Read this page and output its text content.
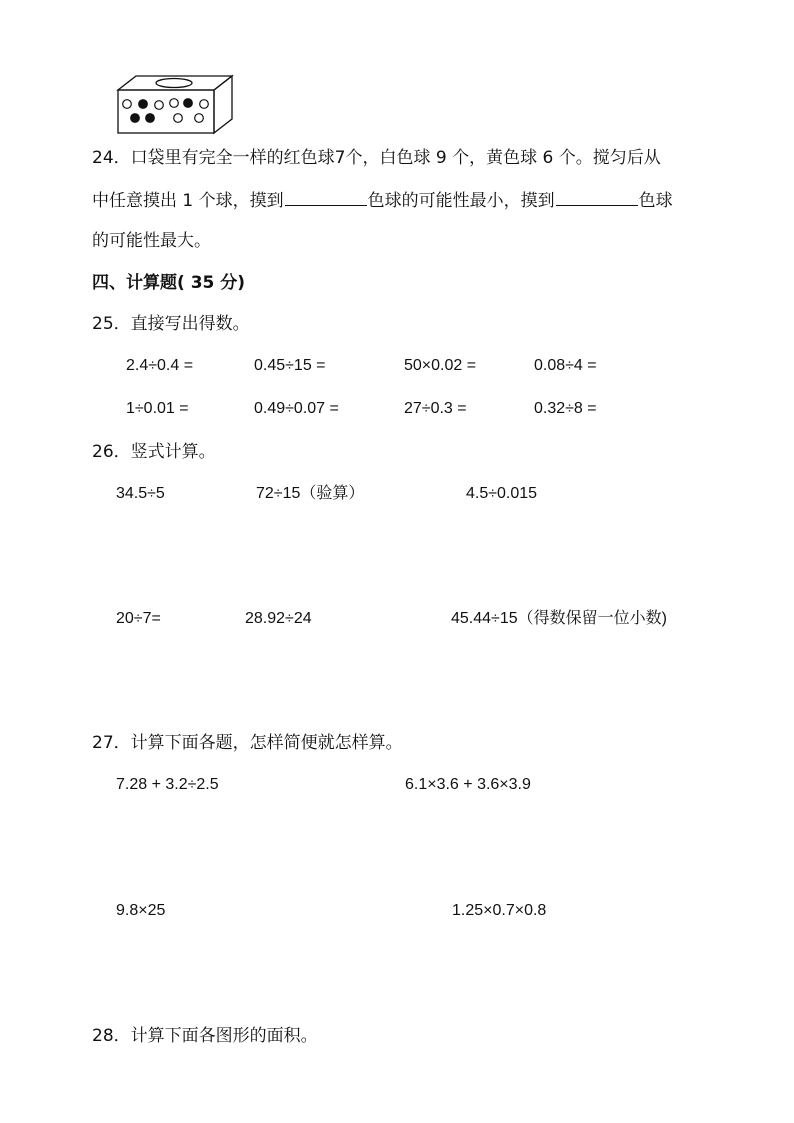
24．口袋里有完全一样的红色球7个，白色球 9 个，黄色球 6 个。搅匀后从
中任意摸出 1 个球，摸到	色球的可能性最小，摸到	色球
的可能性最大。
四、计算题( 35 分)
25．直接写出得数。
2.4÷0.4 =	0.45÷15 =	50×0.02 =	0.08÷4 =
1÷0.01 =	0.49÷0.07 =	27÷0.3 =	0.32÷8 =
26．竖式计算。
34.5÷5	72÷15（验算）	4.5÷0.015
20÷7=	28.92÷24	45.44÷15（得数保留一位小数)
27．计算下面各题，怎样简便就怎样算。
7.28 + 3.2÷2.5	6.1×3.6 + 3.6×3.9
9.8×25	1.25×0.7×0.8
28．计算下面各图形的面积。
